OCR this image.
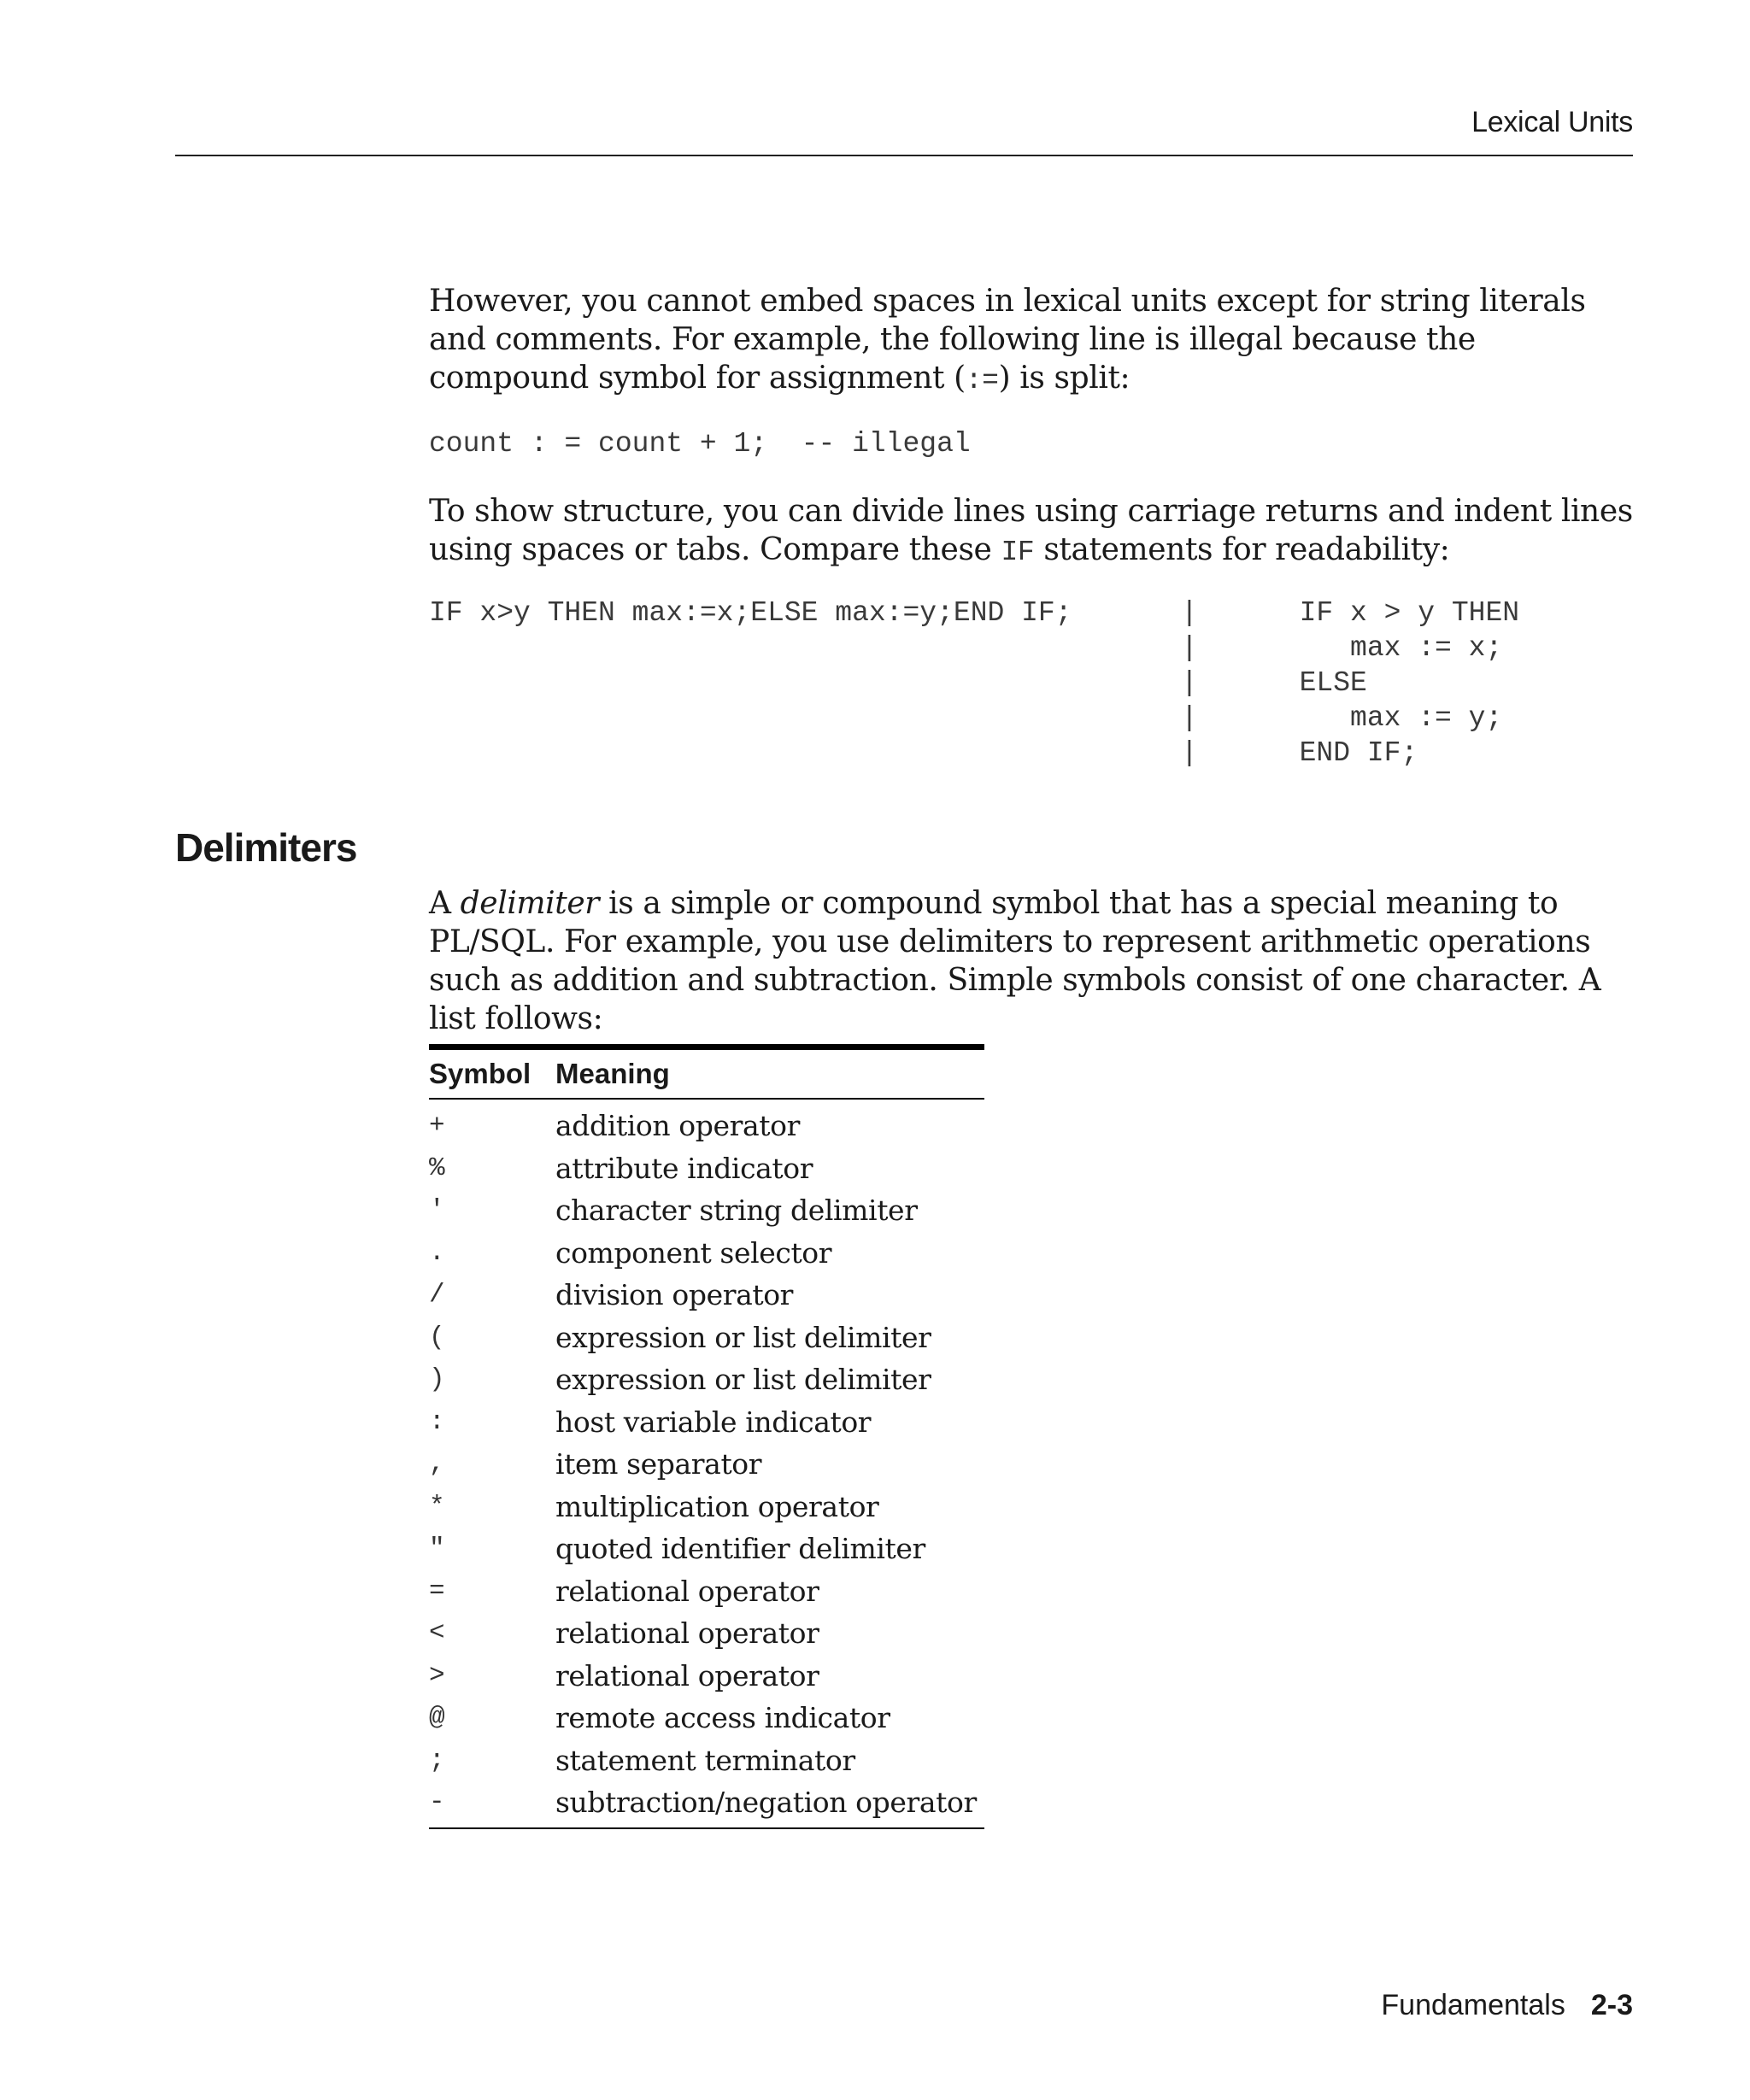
Lexical Units

However, you cannot embed spaces in lexical units except for string literals and comments. For example, the following line is illegal because the compound symbol for assignment (:=) is split:

count : = count + 1;  -- illegal

To show structure, you can divide lines using carriage returns and indent lines using spaces or tabs. Compare these IF statements for readability:

IF x>y THEN max:=x;ELSE max:=y;END IF;	|      IF x > y THEN
|         max := x;
|      ELSE
|         max := y;
|      END IF;
Delimiters

A delimiter is a simple or compound symbol that has a special meaning to PL/SQL. For example, you use delimiters to represent arithmetic operations such as addition and subtraction. Simple symbols consist of one character. A list follows:

Symbol	Meaning
+	addition operator
%	attribute indicator
'	character string delimiter
.	component selector
/	division operator
(	expression or list delimiter
)	expression or list delimiter
:	host variable indicator
,	item separator
*	multiplication operator
"	quoted identifier delimiter
=	relational operator
<	relational operator
>	relational operator
@	remote access indicator
;	statement terminator
-	subtraction/negation operator
Fundamentals 2-3
